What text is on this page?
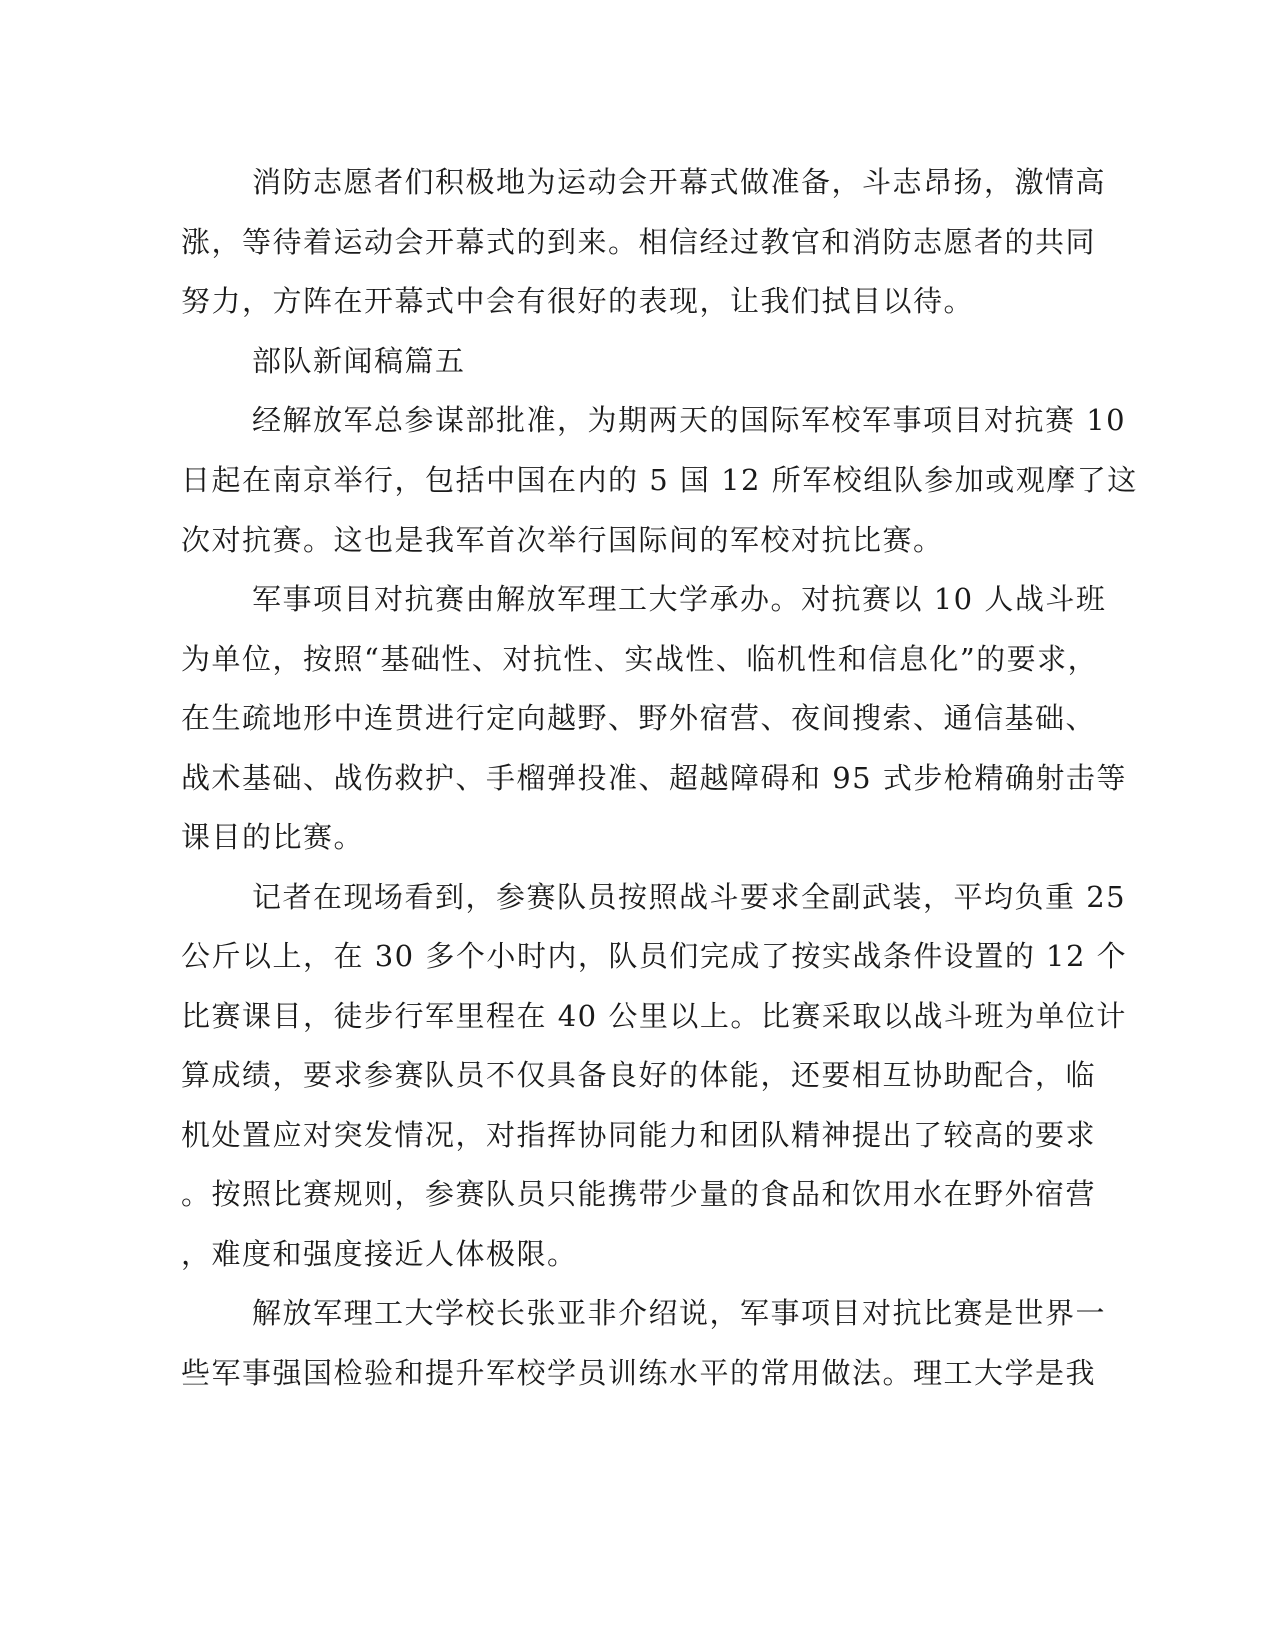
消防志愿者们积极地为运动会开幕式做准备，斗志昂扬，激情高
涨，等待着运动会开幕式的到来。相信经过教官和消防志愿者的共同
努力，方阵在开幕式中会有很好的表现，让我们拭目以待。
部队新闻稿篇五
经解放军总参谋部批准，为期两天的国际军校军事项目对抗赛 10
日起在南京举行，包括中国在内的 5 国 12 所军校组队参加或观摩了这
次对抗赛。这也是我军首次举行国际间的军校对抗比赛。
军事项目对抗赛由解放军理工大学承办。对抗赛以 10 人战斗班
为单位，按照“基础性、对抗性、实战性、临机性和信息化”的要求，
在生疏地形中连贯进行定向越野、野外宿营、夜间搜索、通信基础、
战术基础、战伤救护、手榴弹投准、超越障碍和 95 式步枪精确射击等
课目的比赛。
记者在现场看到，参赛队员按照战斗要求全副武装，平均负重 25
公斤以上，在 30 多个小时内，队员们完成了按实战条件设置的 12 个
比赛课目，徒步行军里程在 40 公里以上。比赛采取以战斗班为单位计
算成绩，要求参赛队员不仅具备良好的体能，还要相互协助配合，临
机处置应对突发情况，对指挥协同能力和团队精神提出了较高的要求
。按照比赛规则，参赛队员只能携带少量的食品和饮用水在野外宿营
，难度和强度接近人体极限。
解放军理工大学校长张亚非介绍说，军事项目对抗比赛是世界一
些军事强国检验和提升军校学员训练水平的常用做法。理工大学是我
